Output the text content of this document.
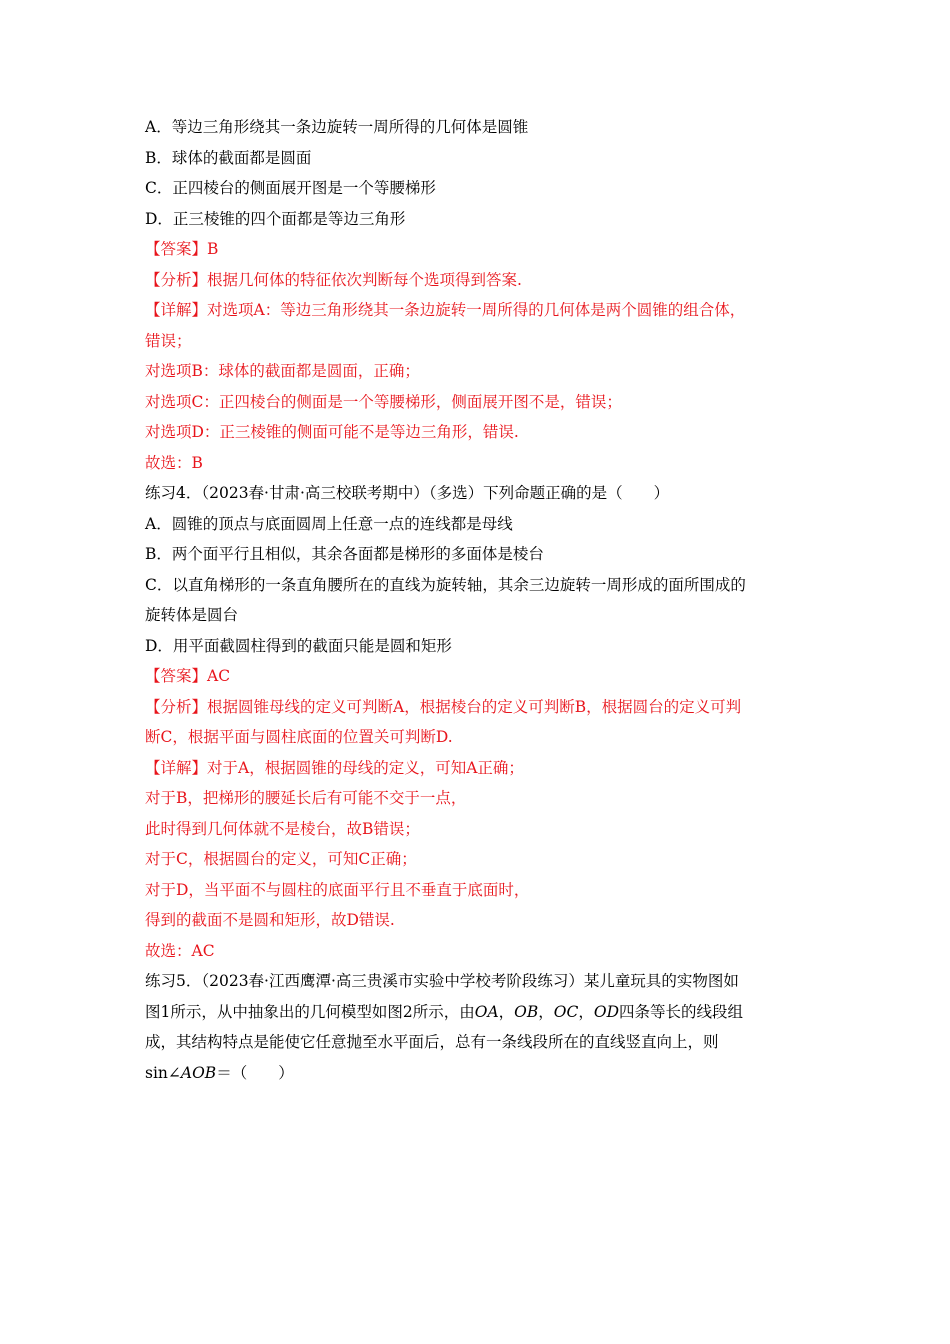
A．等边三角形绕其一条边旋转一周所得的几何体是圆锥
B．球体的截面都是圆面
C．正四棱台的侧面展开图是一个等腰梯形
D．正三棱锥的四个面都是等边三角形
【答案】B
【分析】根据几何体的特征依次判断每个选项得到答案.
【详解】对选项A：等边三角形绕其一条边旋转一周所得的几何体是两个圆锥的组合体，
错误；
对选项B：球体的截面都是圆面，正确；
对选项C：正四棱台的侧面是一个等腰梯形，侧面展开图不是，错误；
对选项D：正三棱锥的侧面可能不是等边三角形，错误.
故选：B
练习4．（2023春·甘肃·高三校联考期中）（多选）下列命题正确的是（　　）
A．圆锥的顶点与底面圆周上任意一点的连线都是母线
B．两个面平行且相似，其余各面都是梯形的多面体是棱台
C．以直角梯形的一条直角腰所在的直线为旋转轴，其余三边旋转一周形成的面所围成的
旋转体是圆台
D．用平面截圆柱得到的截面只能是圆和矩形
【答案】AC
【分析】根据圆锥母线的定义可判断A，根据棱台的定义可判断B，根据圆台的定义可判
断C，根据平面与圆柱底面的位置关可判断D.
【详解】对于A，根据圆锥的母线的定义，可知A正确；
对于B，把梯形的腰延长后有可能不交于一点，
此时得到几何体就不是棱台，故B错误；
对于C，根据圆台的定义，可知C正确；
对于D，当平面不与圆柱的底面平行且不垂直于底面时，
得到的截面不是圆和矩形，故D错误.
故选：AC
练习5．（2023春·江西鹰潭·高三贵溪市实验中学校考阶段练习）某儿童玩具的实物图如
图1所示，从中抽象出的几何模型如图2所示，由OA，OB，OC，OD四条等长的线段组
成，其结构特点是能使它任意抛至水平面后，总有一条线段所在的直线竖直向上，则
sin∠AOB＝（　　）
